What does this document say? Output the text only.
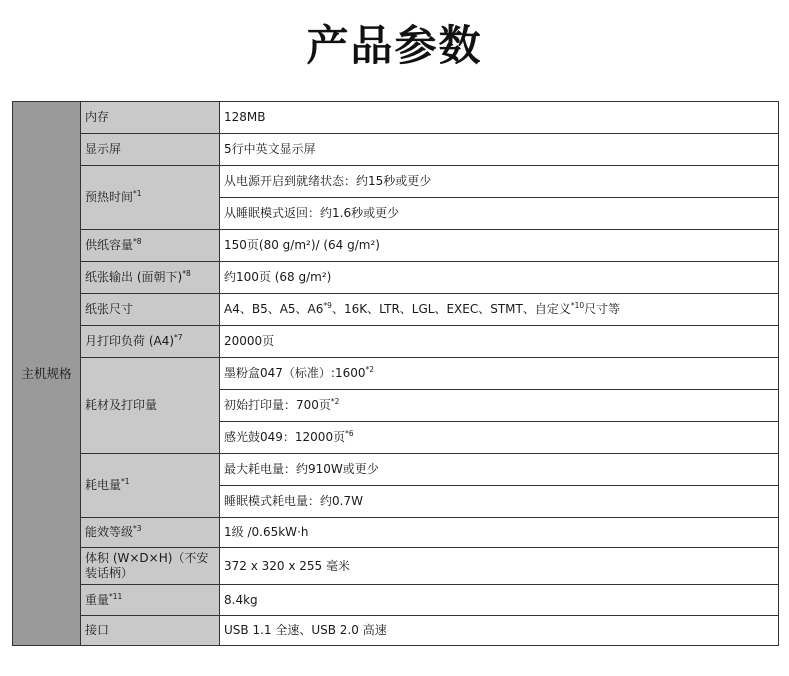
产品参数
主机规格	内存	128MB
	显示屏	5行中英文显示屏
	预热时间$^{*1}$	从电源开启到就绪状态：约15秒或更少
		从睡眠模式返回：约1.6秒或更少
	供纸容量$^{*8}$	150页(80 g/m²)/ (64 g/m²)
	纸张输出 (面朝下)$^{*8}$	约100页 (68 g/m²)
	纸张尺寸	A4、B5、A5、A6$^{*9}$、16K、LTR、LGL、EXEC、STMT、自定义$^{*10}$尺寸等
	月打印负荷 $(A4)^{*7}$	20000页
	耗材及打印量	墨粉盒047（标准）:1600$^{*2}$
		初始打印量：700页$^{*2}$
		感光鼓049：12000页$^{*6}$
	耗电量$^{*1}$	最大耗电量：约910W或更少
		睡眠模式耗电量：约0.7W
	能效等级$^{*3}$	1级 /0.65kW·h
	体积 (W×D×H)（不安装话柄）	372 x 320 x 255 毫米
	重量$^{*11}$	8.4kg
	接口	USB 1.1 全速、USB 2.0 高速
